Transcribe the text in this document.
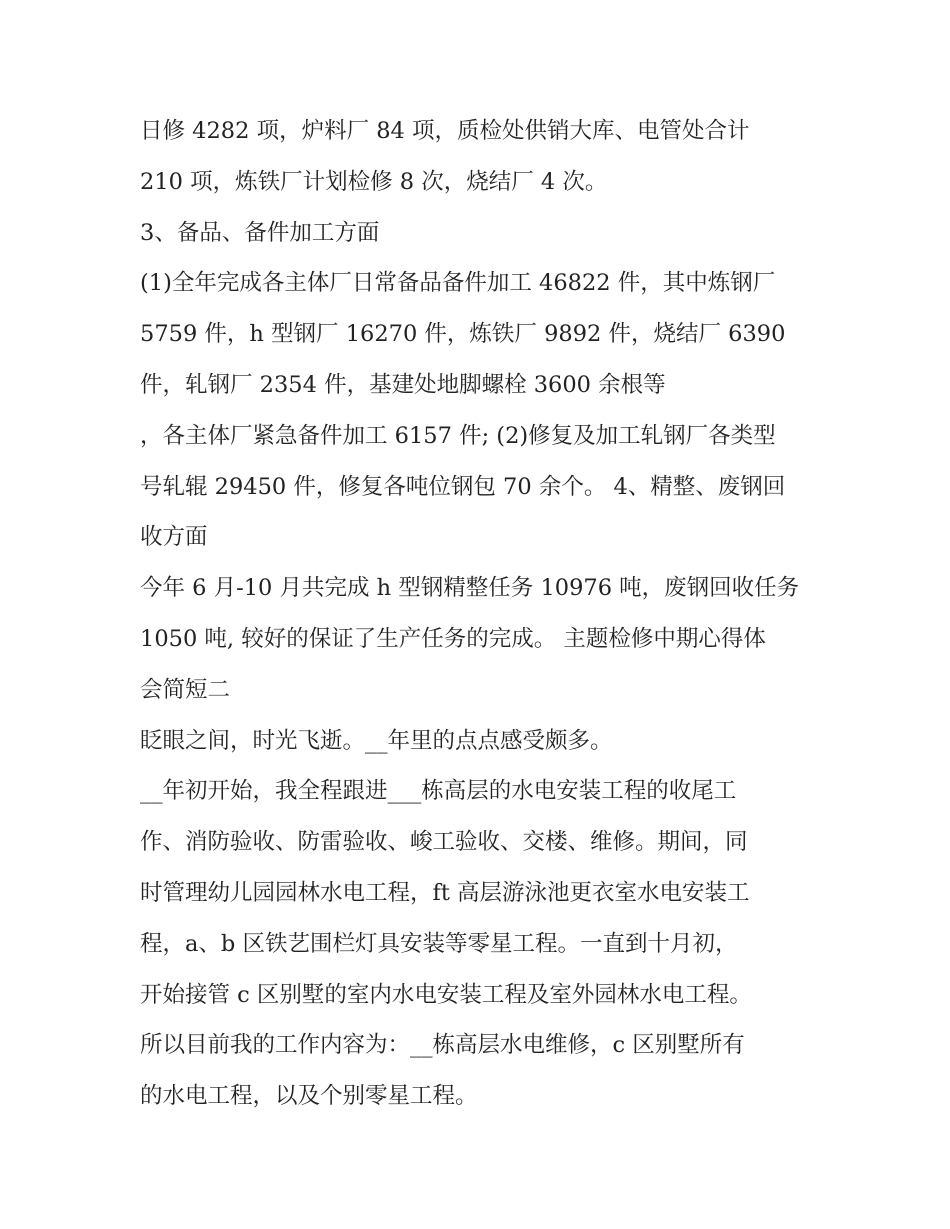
日修 4282 项，炉料厂 84 项，质检处供销大库、电管处合计
210 项，炼铁厂计划检修 8 次，烧结厂 4 次。
3、备品、备件加工方面
(1)全年完成各主体厂日常备品备件加工 46822 件，其中炼钢厂
5759 件，h 型钢厂 16270 件，炼铁厂 9892 件，烧结厂 6390
件，轧钢厂 2354 件，基建处地脚螺栓 3600 余根等
，各主体厂紧急备件加工 6157 件; (2)修复及加工轧钢厂各类型
号轧辊 29450 件，修复各吨位钢包 70 余个。 4、精整、废钢回
收方面
今年 6 月-10 月共完成 h 型钢精整任务 10976 吨，废钢回收任务
1050 吨, 较好的保证了生产任务的完成。 主题检修中期心得体
会简短二
眨眼之间，时光飞逝。__年里的点点感受颇多。
__年初开始，我全程跟进___栋高层的水电安装工程的收尾工
作、消防验收、防雷验收、峻工验收、交楼、维修。期间，同
时管理幼儿园园林水电工程，ft 高层游泳池更衣室水电安装工
程，a、b 区铁艺围栏灯具安装等零星工程。一直到十月初，
开始接管 c 区别墅的室内水电安装工程及室外园林水电工程。
所以目前我的工作内容为：__栋高层水电维修，c 区别墅所有
的水电工程，以及个别零星工程。
